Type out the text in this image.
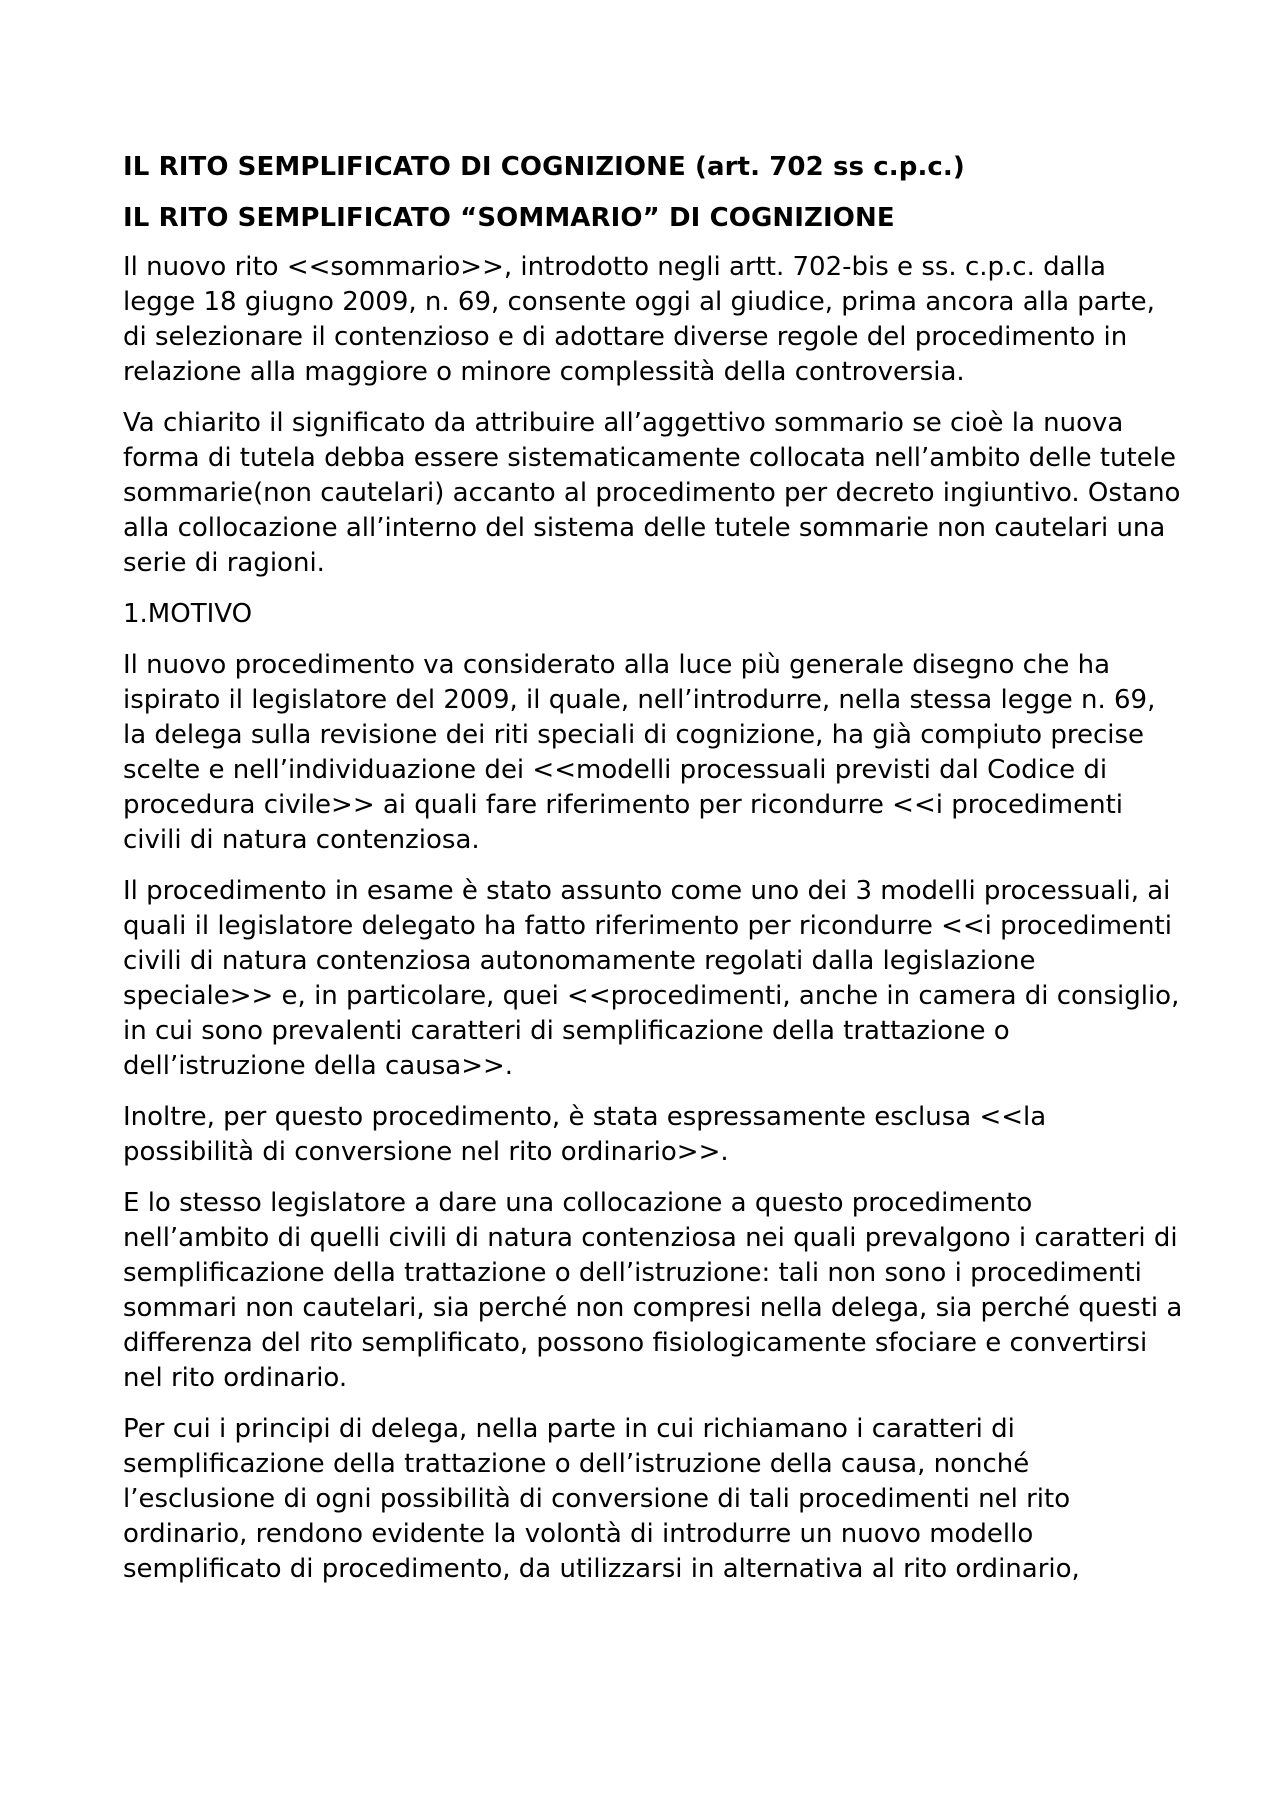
IL RITO SEMPLIFICATO DI COGNIZIONE (art. 702 ss c.p.c.)
IL RITO SEMPLIFICATO “SOMMARIO” DI COGNIZIONE

Il nuovo rito <<sommario>>, introdotto negli artt. 702-bis e ss. c.p.c. dalla legge 18 giugno 2009, n. 69, consente oggi al giudice, prima ancora alla parte, di selezionare il contenzioso e di adottare diverse regole del procedimento in relazione alla maggiore o minore complessità della controversia.

Va chiarito il significato da attribuire all’aggettivo sommario se cioè la nuova forma di tutela debba essere sistematicamente collocata nell’ambito delle tutele sommarie(non cautelari) accanto al procedimento per decreto ingiuntivo. Ostano alla collocazione all’interno del sistema delle tutele sommarie non cautelari una serie di ragioni.

1.MOTIVO

Il nuovo procedimento va considerato alla luce più generale disegno che ha ispirato il legislatore del 2009, il quale, nell’introdurre, nella stessa legge n. 69, la delega sulla revisione dei riti speciali di cognizione, ha già compiuto precise scelte e nell’individuazione dei <<modelli processuali previsti dal Codice di procedura civile>> ai quali fare riferimento per ricondurre <<i procedimenti civili di natura contenziosa.

Il procedimento in esame è stato assunto come uno dei 3 modelli processuali, ai quali il legislatore delegato ha fatto riferimento per ricondurre <<i procedimenti civili di natura contenziosa autonomamente regolati dalla legislazione speciale>> e, in particolare, quei <<procedimenti, anche in camera di consiglio, in cui sono prevalenti caratteri di semplificazione della trattazione o dell’istruzione della causa>>.

Inoltre, per questo procedimento, è stata espressamente esclusa <<la possibilità di conversione nel rito ordinario>>.

E lo stesso legislatore a dare una collocazione a questo procedimento nell’ambito di quelli civili di natura contenziosa nei quali prevalgono i caratteri di semplificazione della trattazione o dell’istruzione: tali non sono i procedimenti sommari non cautelari, sia perché non compresi nella delega, sia perché questi a differenza del rito semplificato, possono fisiologicamente sfociare e convertirsi nel rito ordinario.

Per cui i principi di delega, nella parte in cui richiamano i caratteri di semplificazione della trattazione o dell’istruzione della causa, nonché l’esclusione di ogni possibilità di conversione di tali procedimenti nel rito ordinario, rendono evidente la volontà di introdurre un nuovo modello semplificato di procedimento, da utilizzarsi in alternativa al rito ordinario,
